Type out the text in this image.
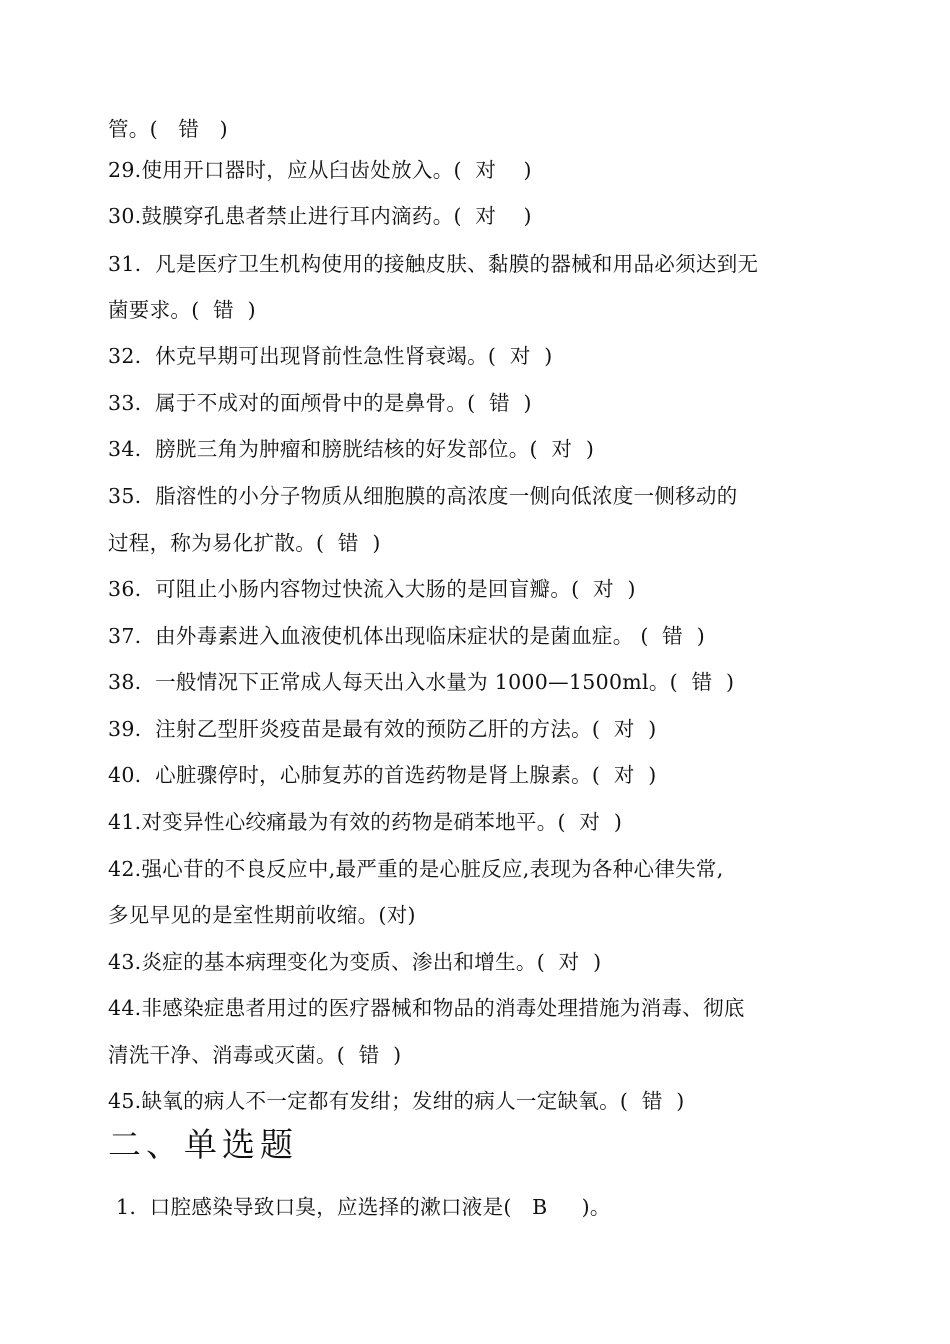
管。(   错   )
29.使用开口器时，应从臼齿处放入。(  对    )
30.鼓膜穿孔患者禁止进行耳内滴药。(  对    )
31.  凡是医疗卫生机构使用的接触皮肤、黏膜的器械和用品必须达到无
菌要求。(  错  )
32.  休克早期可出现肾前性急性肾衰竭。(  对  )
33.  属于不成对的面颅骨中的是鼻骨。(  错  )
34.  膀胱三角为肿瘤和膀胱结核的好发部位。(  对  )
35.  脂溶性的小分子物质从细胞膜的高浓度一侧向低浓度一侧移动的
过程，称为易化扩散。(  错  )
36.  可阻止小肠内容物过快流入大肠的是回盲瓣。(  对  )
37.  由外毒素进入血液使机体出现临床症状的是菌血症。 (  错  )
38.  一般情况下正常成人每天出入水量为 1000—1500ml。(  错  )
39.  注射乙型肝炎疫苗是最有效的预防乙肝的方法。(  对  )
40.  心脏骤停时，心肺复苏的首选药物是肾上腺素。(  对  )
41.对变异性心绞痛最为有效的药物是硝苯地平。(  对  )
42.强心苷的不良反应中,最严重的是心脏反应,表现为各种心律失常,
多见早见的是室性期前收缩。(对)
43.炎症的基本病理变化为变质、渗出和增生。(  对  )
44.非感染症患者用过的医疗器械和物品的消毒处理措施为消毒、彻底
清洗干净、消毒或灭菌。(  错  )
45.缺氧的病人不一定都有发绀；发绀的病人一定缺氧。(  错  )
二、单选题
1.  口腔感染导致口臭，应选择的漱口液是(   B     )。
